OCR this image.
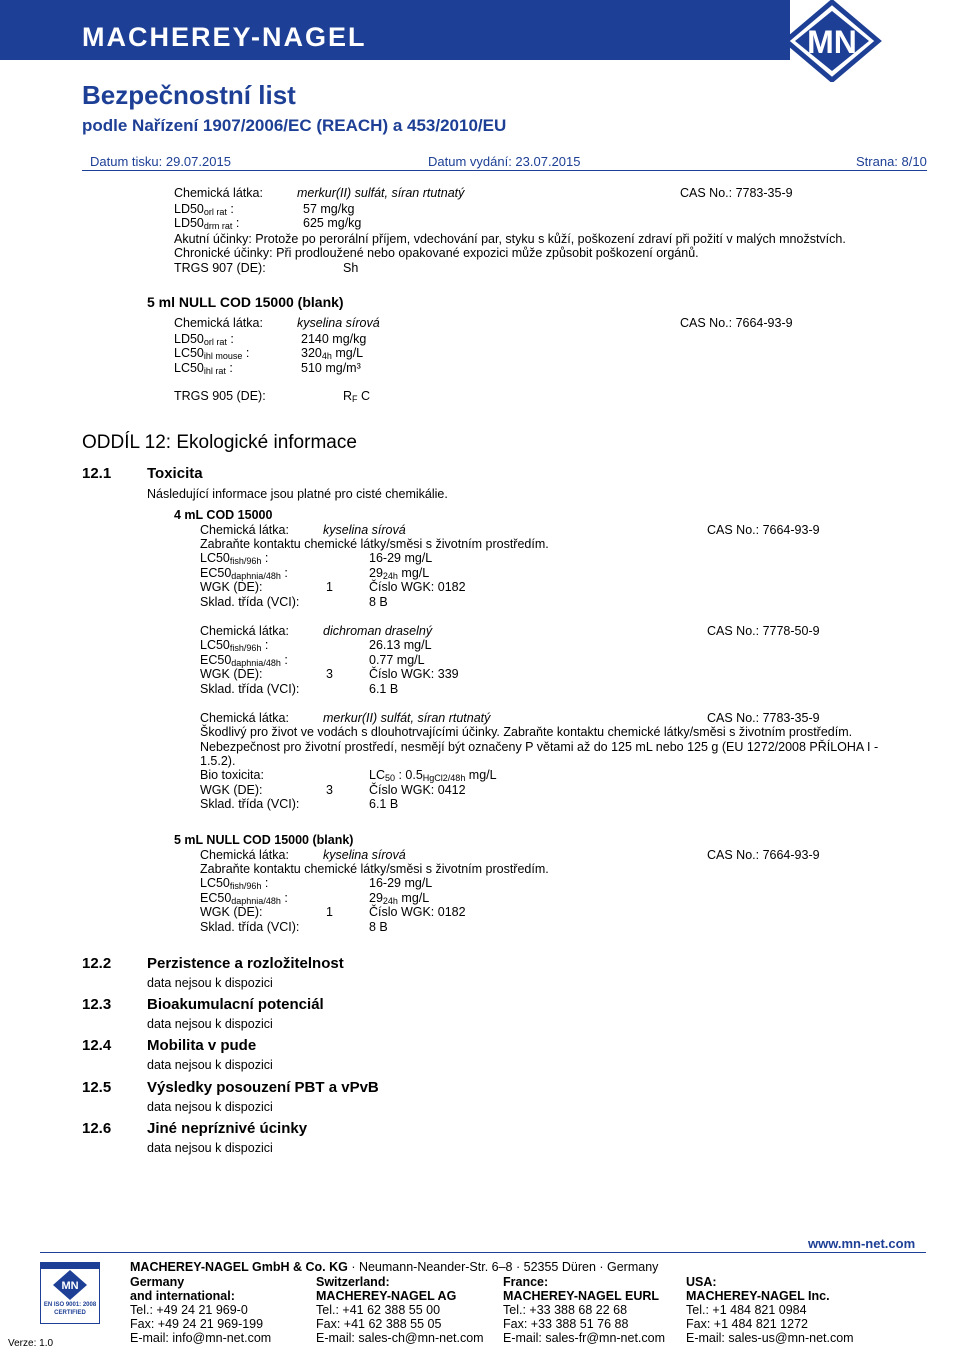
MACHEREY-NAGEL	MN
Bezpečnostní list
podle Nařízení 1907/2006/EC (REACH) a 453/2010/EU
Datum tisku: 29.07.2015	Datum vydání: 23.07.2015	Strana: 8/10
Chemická látka:	merkur(II) sulfát, síran rtutnatý	CAS No.: 7783-35-9
$LD50_{orl rat}$ :	57 mg/kg
$LD50_{drm rat}$ :	625 mg/kg
Akutní účinky: Protože po perorální příjem, vdechování par, styku s kůží, poškození zdraví při požití v malých množstvích.
Chronické účinky: Při prodloužené nebo opakované expozici může způsobit poškození orgánů.
TRGS 907 (DE):	Sh
5 ml NULL COD 15000 (blank)
Chemická látka:	kyselina sírová	CAS No.: 7664-93-9
$LD50_{orl rat}$ :	2140 mg/kg
$LC50_{ihl mouse}$ :	$320_{4h}$ mg/L
$LC50_{ihl rat}$ :	510 mg/m³
TRGS 905 (DE):	$R_F$ C
ODDÍL 12: Ekologické informace
12.1 Toxicita
Následující informace jsou platné pro cisté chemikálie.
4 mL COD 15000
Chemická látka:	kyselina sírová	CAS No.: 7664-93-9
Zabraňte kontaktu chemické látky/směsi s životním prostředím.
$LC50_{fish/96h}$ :	16-29 mg/L
$EC50_{daphnia/48h}$ :	$29_{24h}$ mg/L
WGK (DE):	1	Číslo WGK: 0182
Sklad. třída (VCI):	8 B
Chemická látka:	dichroman draselný	CAS No.: 7778-50-9
$LC50_{fish/96h}$ :	26.13 mg/L
$EC50_{daphnia/48h}$ :	0.77 mg/L
WGK (DE):	3	Číslo WGK: 339
Sklad. třída (VCI):	6.1 B
Chemická látka:	merkur(II) sulfát, síran rtutnatý	CAS No.: 7783-35-9
Škodlivý pro život ve vodách s dlouhotrvajícími účinky. Zabraňte kontaktu chemické látky/směsi s životním prostředím.
Nebezpečnost pro životní prostředí, nesmějí být označeny P větami až do 125 mL nebo 125 g (EU 1272/2008 PŘÍLOHA I -
1.5.2).
Bio toxicita:	$LC_{50}$ : $0.5_{HgCl2/48h}$ mg/L
WGK (DE):	3	Číslo WGK: 0412
Sklad. třída (VCI):	6.1 B
5 mL NULL COD 15000 (blank)
Chemická látka:	kyselina sírová	CAS No.: 7664-93-9
Zabraňte kontaktu chemické látky/směsi s životním prostředím.
$LC50_{fish/96h}$ :	16-29 mg/L
$EC50_{daphnia/48h}$ :	$29_{24h}$ mg/L
WGK (DE):	1	Číslo WGK: 0182
Sklad. třída (VCI):	8 B
12.2 Perzistence a rozložitelnost
data nejsou k dispozici
12.3 Bioakumulacní potenciál
data nejsou k dispozici
12.4 Mobilita v pude
data nejsou k dispozici
12.5 Výsledky posouzení PBT a vPvB
data nejsou k dispozici
12.6 Jiné nepríznivé úcinky
data nejsou k dispozici
www.mn-net.com
MN
EN ISO 9001: 2008
CERTIFIED
Verze: 1.0
MACHEREY-NAGEL GmbH & Co. KG · Neumann-Neander-Str. 6–8 · 52355 Düren · Germany
Germany
and international:
Tel.: +49 24 21 969-0
Fax: +49 24 21 969-199
E-mail: info@mn-net.com
Switzerland:
MACHEREY-NAGEL AG
Tel.: +41 62 388 55 00
Fax: +41 62 388 55 05
E-mail: sales-ch@mn-net.com
France:
MACHEREY-NAGEL EURL
Tel.: +33 388 68 22 68
Fax: +33 388 51 76 88
E-mail: sales-fr@mn-net.com
USA:
MACHEREY-NAGEL Inc.
Tel.: +1 484 821 0984
Fax: +1 484 821 1272
E-mail: sales-us@mn-net.com
